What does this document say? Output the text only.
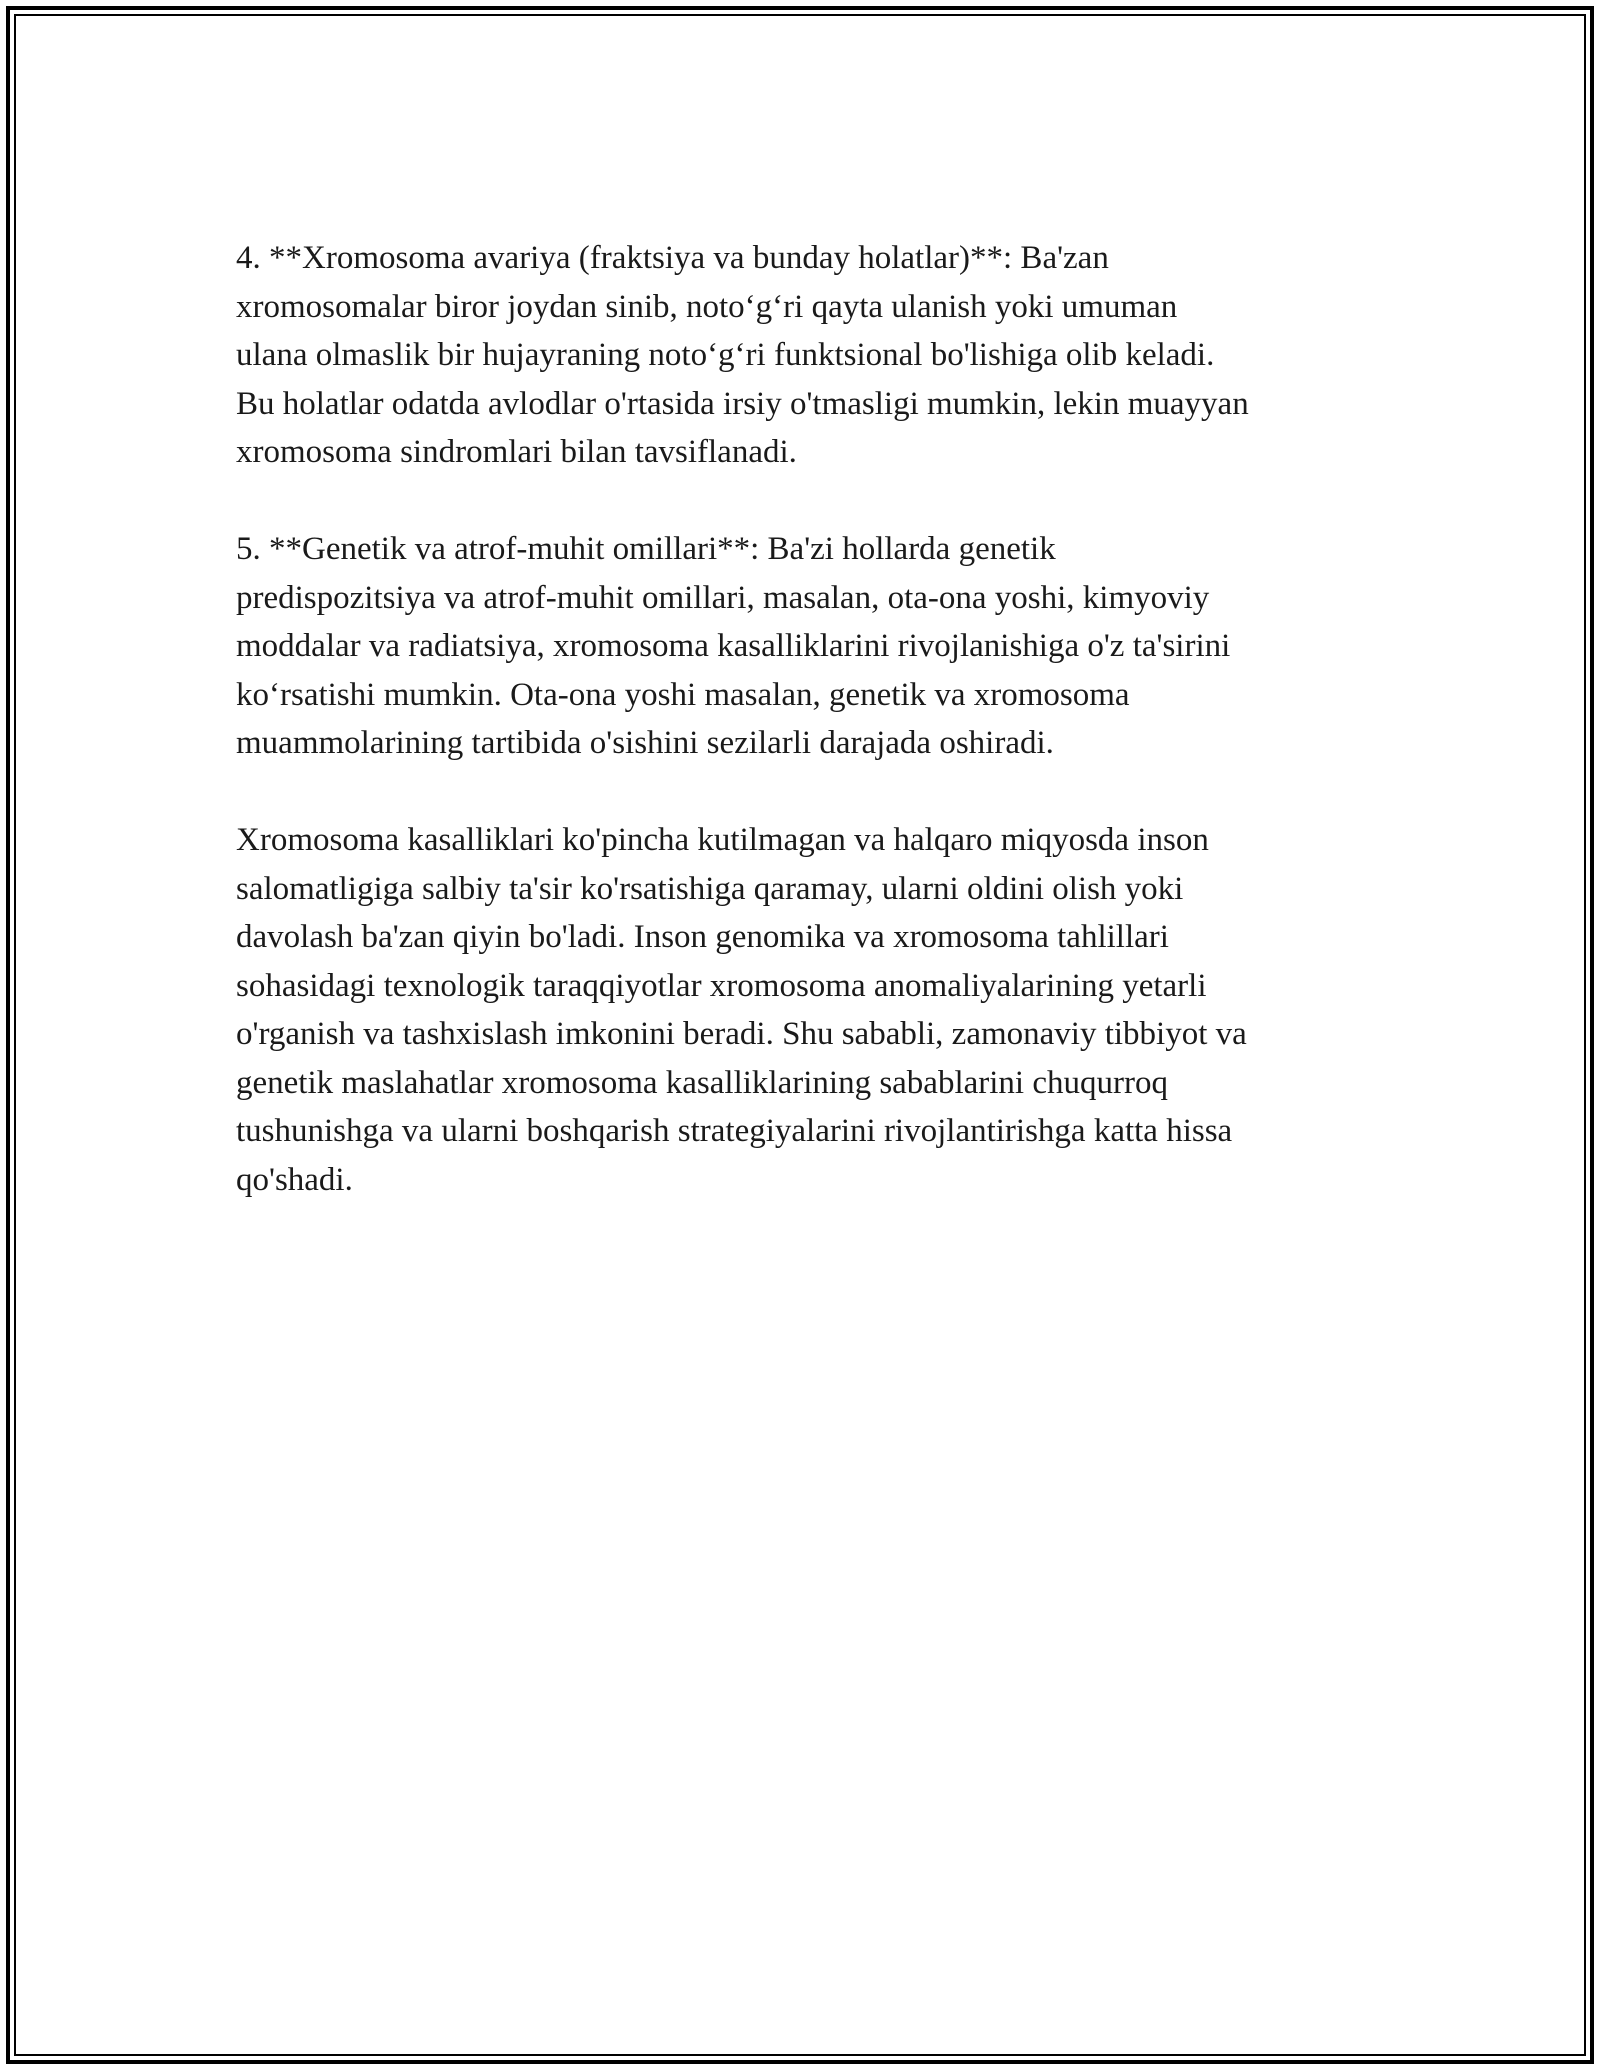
4. **Xromosoma avariya (fraktsiya va bunday holatlar)**: Ba'zan
xromosomalar biror joydan sinib, noto‘g‘ri qayta ulanish yoki umuman
ulana olmaslik bir hujayraning noto‘g‘ri funktsional bo'lishiga olib keladi.
Bu holatlar odatda avlodlar o'rtasida irsiy o'tmasligi mumkin, lekin muayyan
xromosoma sindromlari bilan tavsiflanadi.

5. **Genetik va atrof-muhit omillari**: Ba'zi hollarda genetik
predispozitsiya va atrof-muhit omillari, masalan, ota-ona yoshi, kimyoviy
moddalar va radiatsiya, xromosoma kasalliklarini rivojlanishiga o'z ta'sirini
ko‘rsatishi mumkin. Ota-ona yoshi masalan, genetik va xromosoma
muammolarining tartibida o'sishini sezilarli darajada oshiradi.

Xromosoma kasalliklari ko'pincha kutilmagan va halqaro miqyosda inson
salomatligiga salbiy ta'sir ko'rsatishiga qaramay, ularni oldini olish yoki
davolash ba'zan qiyin bo'ladi. Inson genomika va xromosoma tahlillari
sohasidagi texnologik taraqqiyotlar xromosoma anomaliyalarining yetarli
o'rganish va tashxislash imkonini beradi. Shu sababli, zamonaviy tibbiyot va
genetik maslahatlar xromosoma kasalliklarining sabablarini chuqurroq
tushunishga va ularni boshqarish strategiyalarini rivojlantirishga katta hissa
qo'shadi.
